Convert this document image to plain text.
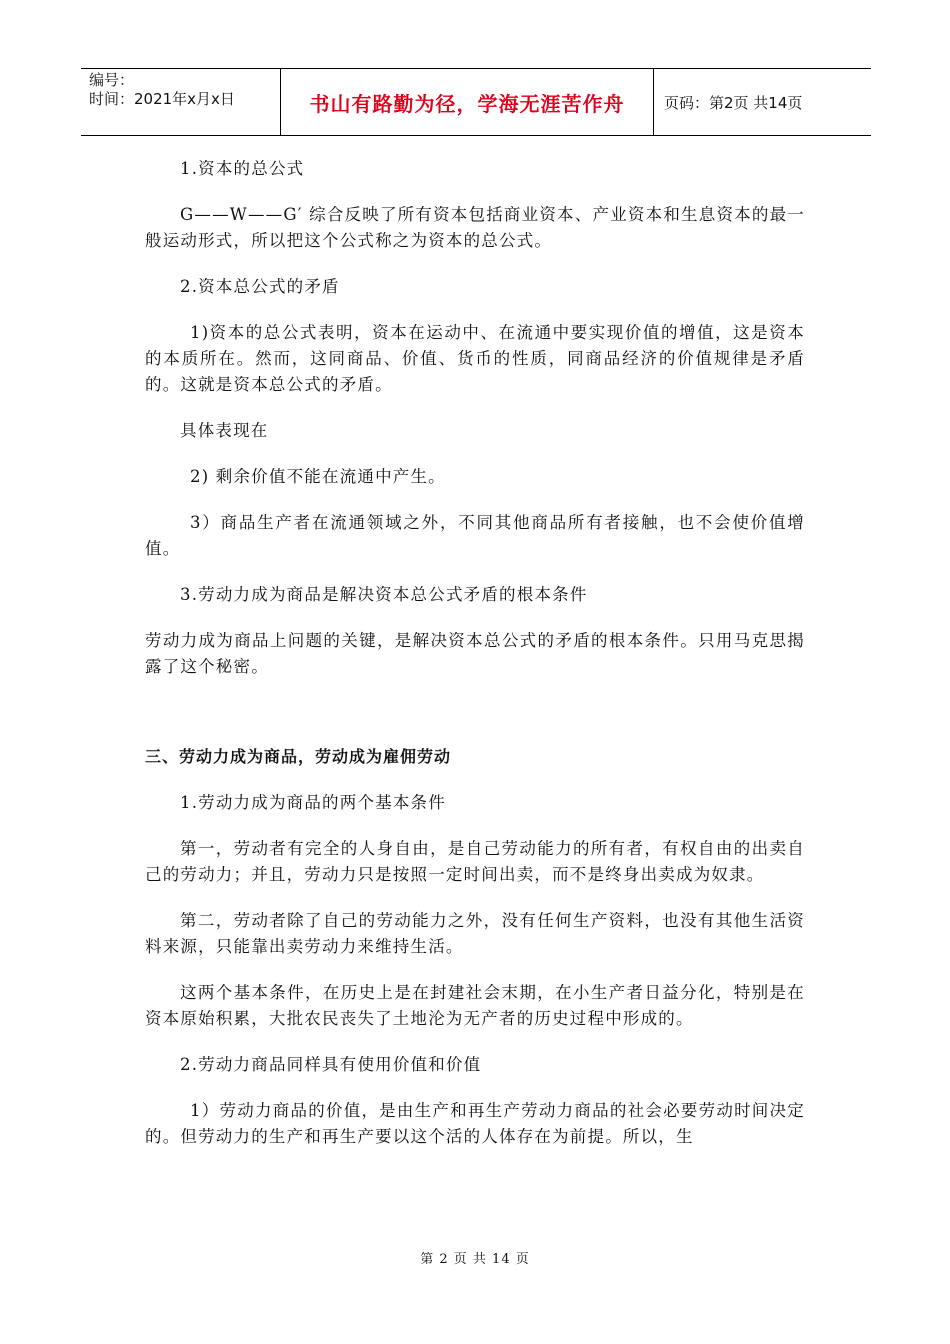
编号：
时间：2021年x月x日	书山有路勤为径，学海无涯苦作舟	页码：第2页 共14页

1.资本的总公式

G——W——G′ 综合反映了所有资本包括商业资本、产业资本和生息资本的最一般运动形式，所以把这个公式称之为资本的总公式。

2.资本总公式的矛盾

1)资本的总公式表明，资本在运动中、在流通中要实现价值的增值，这是资本的本质所在。然而，这同商品、价值、货币的性质，同商品经济的价值规律是矛盾的。这就是资本总公式的矛盾。

具体表现在

2) 剩余价值不能在流通中产生。

3）商品生产者在流通领域之外，不同其他商品所有者接触，也不会使价值增值。

3.劳动力成为商品是解决资本总公式矛盾的根本条件

劳动力成为商品上问题的关键，是解决资本总公式的矛盾的根本条件。只用马克思揭露了这个秘密。

三、劳动力成为商品，劳动成为雇佣劳动

1.劳动力成为商品的两个基本条件

第一，劳动者有完全的人身自由，是自己劳动能力的所有者，有权自由的出卖自己的劳动力；并且，劳动力只是按照一定时间出卖，而不是终身出卖成为奴隶。

第二，劳动者除了自己的劳动能力之外，没有任何生产资料，也没有其他生活资料来源，只能靠出卖劳动力来维持生活。

这两个基本条件，在历史上是在封建社会末期，在小生产者日益分化，特别是在资本原始积累，大批农民丧失了土地沦为无产者的历史过程中形成的。

2.劳动力商品同样具有使用价值和价值

1）劳动力商品的价值，是由生产和再生产劳动力商品的社会必要劳动时间决定的。但劳动力的生产和再生产要以这个活的人体存在为前提。所以，生

第 2 页 共 14 页
